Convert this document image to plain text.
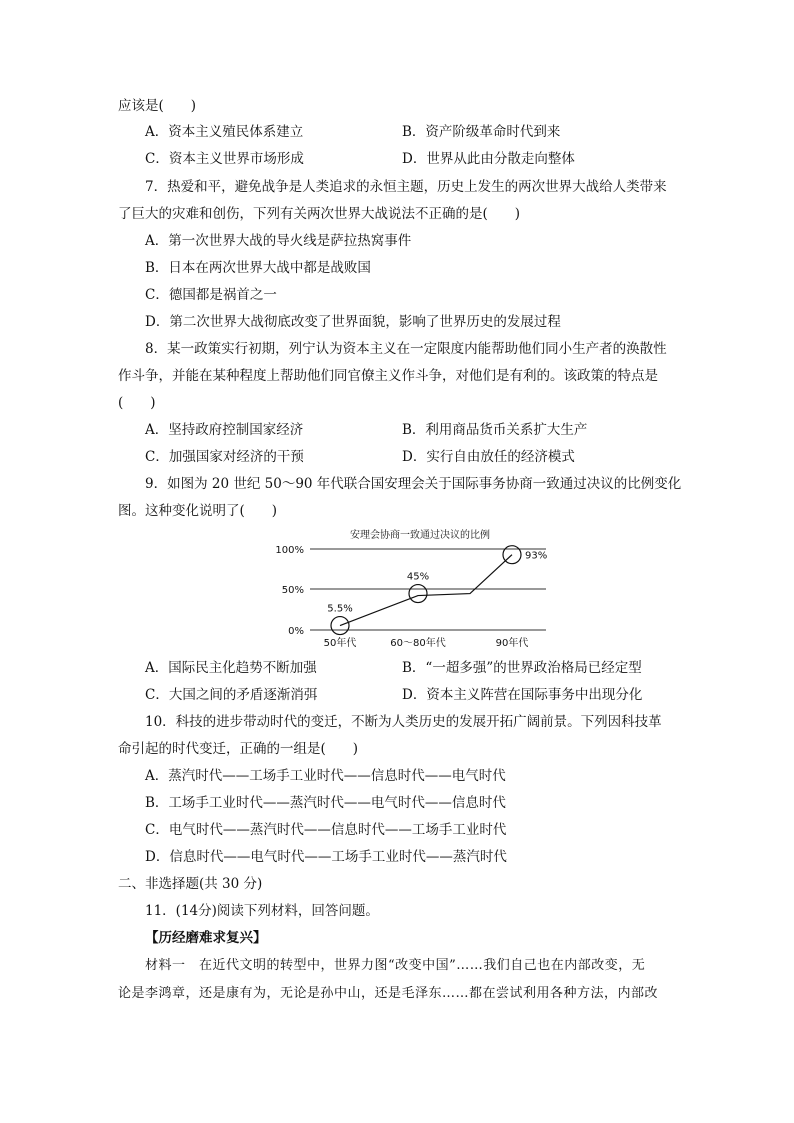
应该是(　　)
A．资本主义殖民体系建立	B．资产阶级革命时代到来
C．资本主义世界市场形成	D．世界从此由分散走向整体
7．热爱和平，避免战争是人类追求的永恒主题，历史上发生的两次世界大战给人类带来
了巨大的灾难和创伤，下列有关两次世界大战说法不正确的是(　　)
A．第一次世界大战的导火线是萨拉热窝事件
B．日本在两次世界大战中都是战败国
C．德国都是祸首之一
D．第二次世界大战彻底改变了世界面貌，影响了世界历史的发展过程
8．某一政策实行初期，列宁认为资本主义在一定限度内能帮助他们同小生产者的涣散性
作斗争，并能在某种程度上帮助他们同官僚主义作斗争，对他们是有利的。该政策的特点是
(　　)
A．坚持政府控制国家经济	B．利用商品货币关系扩大生产
C．加强国家对经济的干预	D．实行自由放任的经济模式
9．如图为 20 世纪 50～90 年代联合国安理会关于国际事务协商一致通过决议的比例变化
图。这种变化说明了(　　)
安理会协商一致通过决议的比例
100%
50%
0%
5.5%
45%
93%
50年代	60～80年代	90年代
A．国际民主化趋势不断加强	B．“一超多强”的世界政治格局已经定型
C．大国之间的矛盾逐渐消弭	D．资本主义阵营在国际事务中出现分化
10．科技的进步带动时代的变迁，不断为人类历史的发展开拓广阔前景。下列因科技革
命引起的时代变迁，正确的一组是(　　)
A．蒸汽时代——工场手工业时代——信息时代——电气时代
B．工场手工业时代——蒸汽时代——电气时代——信息时代
C．电气时代——蒸汽时代——信息时代——工场手工业时代
D．信息时代——电气时代——工场手工业时代——蒸汽时代
二、非选择题(共 30 分)
11．(14分)阅读下列材料，回答问题。
【历经磨难求复兴】
材料一　在近代文明的转型中，世界力图“改变中国”……我们自己也在内部改变，无
论是李鸿章，还是康有为，无论是孙中山，还是毛泽东……都在尝试利用各种方法，内部改
